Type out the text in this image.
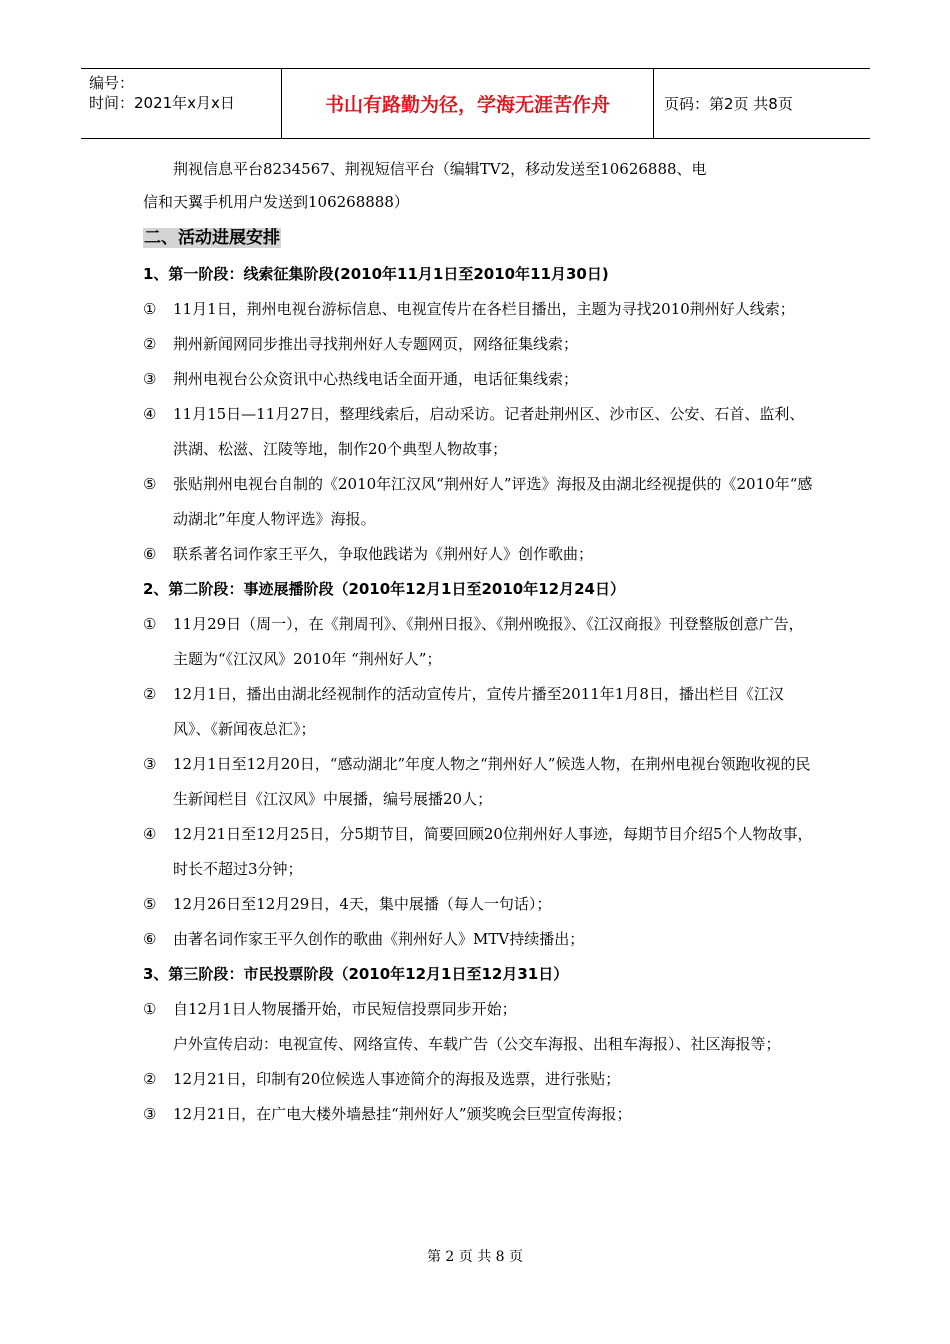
编号：
时间：2021年x月x日	书山有路勤为径，学海无涯苦作舟	页码：第2页 共8页

荆视信息平台8234567、荆视短信平台（编辑TV2，移动发送至10626888、电

信和天翼手机用户发送到106268888）

二、活动进展安排

1、第一阶段：线索征集阶段(2010年11月1日至2010年11月30日)

①	11月1日，荆州电视台游标信息、电视宣传片在各栏目播出，主题为寻找2010荆州好人线索；
②	荆州新闻网同步推出寻找荆州好人专题网页，网络征集线索；
③	荆州电视台公众资讯中心热线电话全面开通，电话征集线索；
④	11月15日—11月27日，整理线索后，启动采访。记者赴荆州区、沙市区、公安、石首、监利、洪湖、松滋、江陵等地，制作20个典型人物故事；
⑤	张贴荆州电视台自制的《2010年江汉风“荆州好人”评选》海报及由湖北经视提供的《2010年“感动湖北”年度人物评选》海报。
⑥	联系著名词作家王平久，争取他践诺为《荆州好人》创作歌曲；

2、第二阶段：事迹展播阶段（2010年12月1日至2010年12月24日）

①	11月29日（周一），在《荆周刊》、《荆州日报》、《荆州晚报》、《江汉商报》刊登整版创意广告，主题为“《江汉风》2010年 “荆州好人”；
②	12月1日，播出由湖北经视制作的活动宣传片，宣传片播至2011年1月8日，播出栏目《江汉风》、《新闻夜总汇》；
③	12月1日至12月20日，“感动湖北”年度人物之“荆州好人”候选人物，在荆州电视台领跑收视的民生新闻栏目《江汉风》中展播，编号展播20人；
④	12月21日至12月25日，分5期节目，简要回顾20位荆州好人事迹，每期节目介绍5个人物故事，时长不超过3分钟；
⑤	12月26日至12月29日，4天，集中展播（每人一句话）；
⑥	由著名词作家王平久创作的歌曲《荆州好人》MTV持续播出；

3、第三阶段：市民投票阶段（2010年12月1日至12月31日）

①	自12月1日人物展播开始，市民短信投票同步开始；
户外宣传启动：电视宣传、网络宣传、车载广告（公交车海报、出租车海报）、社区海报等；
②	12月21日，印制有20位候选人事迹简介的海报及选票，进行张贴；
③	12月21日，在广电大楼外墙悬挂“荆州好人”颁奖晚会巨型宣传海报；
第 2 页 共 8 页
